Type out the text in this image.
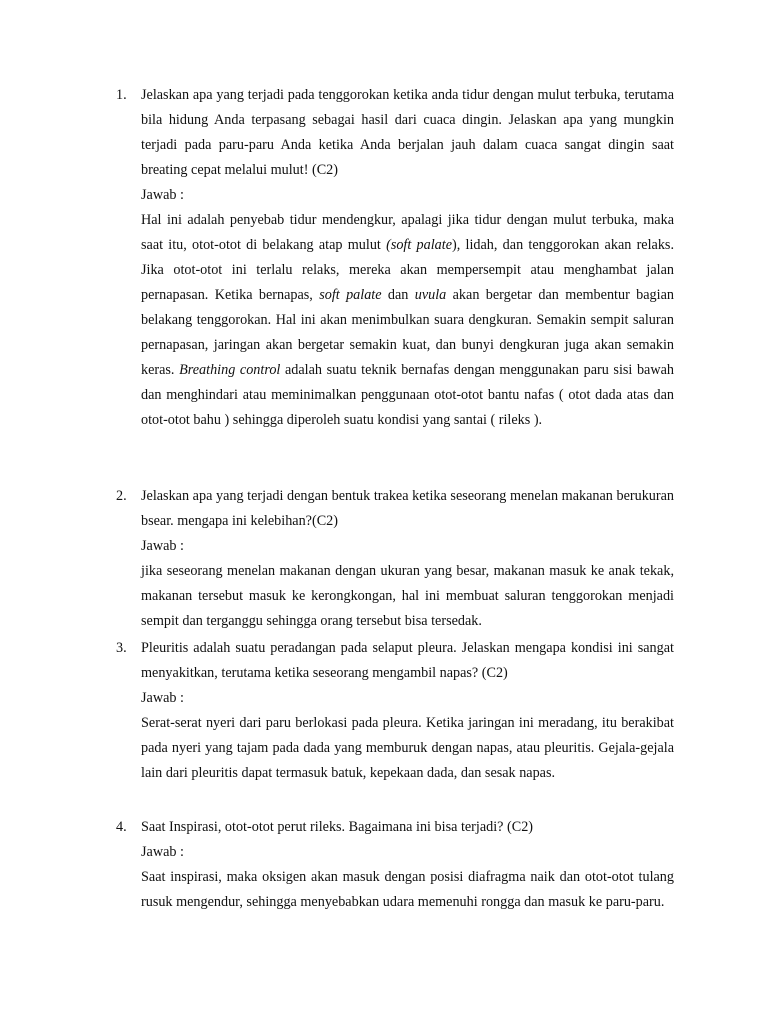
1. Jelaskan apa yang terjadi pada tenggorokan ketika anda tidur dengan mulut terbuka, terutama bila hidung Anda terpasang sebagai hasil dari cuaca dingin. Jelaskan apa yang mungkin terjadi pada paru-paru Anda ketika Anda berjalan jauh dalam cuaca sangat dingin saat breating cepat melalui mulut! (C2)
Jawab :
Hal ini adalah penyebab tidur mendengkur, apalagi jika tidur dengan mulut terbuka, maka saat itu, otot-otot di belakang atap mulut (soft palate), lidah, dan tenggorokan akan relaks. Jika otot-otot ini terlalu relaks, mereka akan mempersempit atau menghambat jalan pernapasan. Ketika bernapas, soft palate dan uvula akan bergetar dan membentur bagian belakang tenggorokan. Hal ini akan menimbulkan suara dengkuran. Semakin sempit saluran pernapasan, jaringan akan bergetar semakin kuat, dan bunyi dengkuran juga akan semakin keras. Breathing control adalah suatu teknik bernafas dengan menggunakan paru sisi bawah dan menghindari atau meminimalkan penggunaan otot-otot bantu nafas ( otot dada atas dan otot-otot bahu ) sehingga diperoleh suatu kondisi yang santai ( rileks ).
2. Jelaskan apa yang terjadi dengan bentuk trakea ketika seseorang menelan makanan berukuran bsear. mengapa ini kelebihan?(C2)
Jawab :
jika seseorang menelan makanan dengan ukuran yang besar, makanan masuk ke anak tekak, makanan tersebut masuk ke kerongkongan, hal ini membuat saluran tenggorokan menjadi sempit dan terganggu sehingga orang tersebut bisa tersedak.
3. Pleuritis adalah suatu peradangan pada selaput pleura. Jelaskan mengapa kondisi ini sangat menyakitkan, terutama ketika seseorang mengambil napas? (C2)
Jawab :
Serat-serat nyeri dari paru berlokasi pada pleura. Ketika jaringan ini meradang, itu berakibat pada nyeri yang tajam pada dada yang memburuk dengan napas, atau pleuritis. Gejala-gejala lain dari pleuritis dapat termasuk batuk, kepekaan dada, dan sesak napas.
4. Saat Inspirasi, otot-otot perut rileks. Bagaimana ini bisa terjadi? (C2)
Jawab :
Saat inspirasi, maka oksigen akan masuk dengan posisi diafragma naik dan otot-otot tulang rusuk mengendur, sehingga menyebabkan udara memenuhi rongga dan masuk ke paru-paru.
